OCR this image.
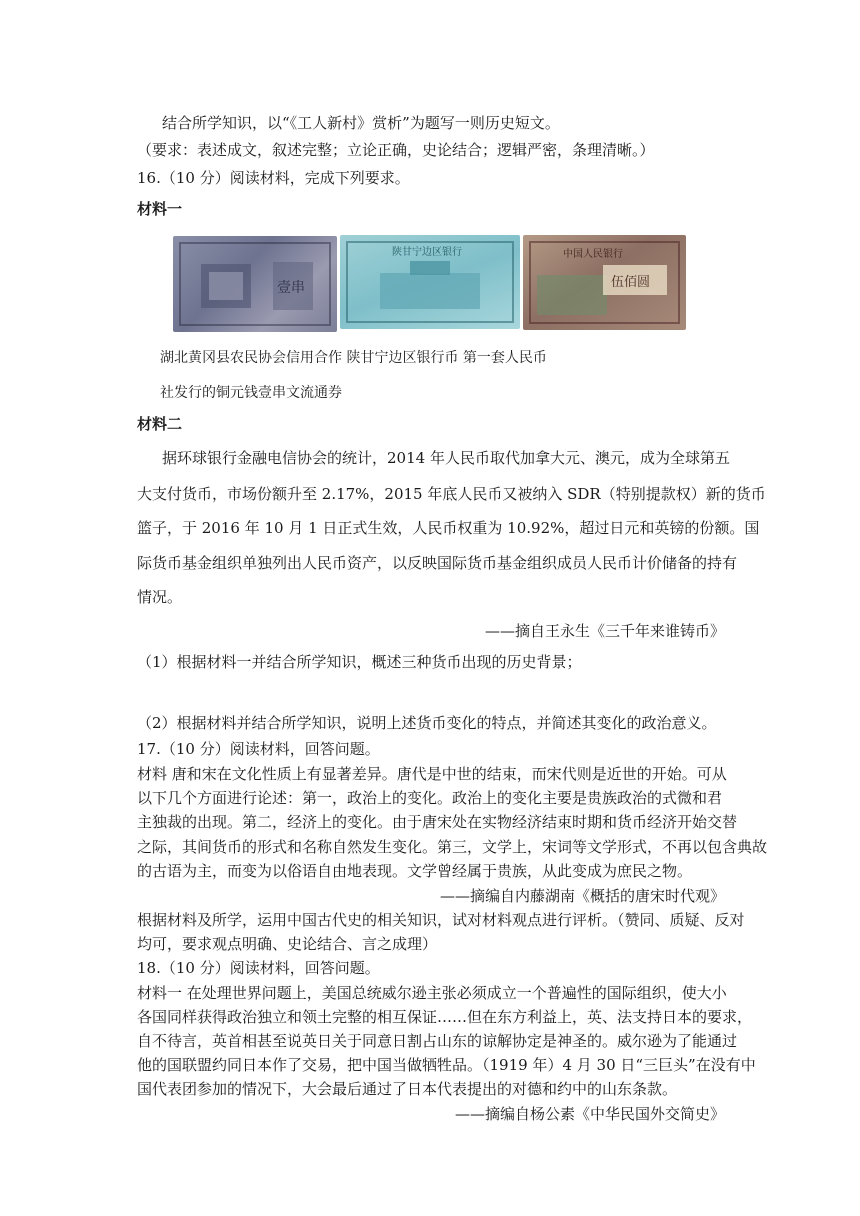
结合所学知识，以“《工人新村》赏析”为题写一则历史短文。
（要求：表述成文，叙述完整；立论正确，史论结合；逻辑严密，条理清晰。）
16.（10 分）阅读材料，完成下列要求。
材料一
壹串
陕甘宁边区银行
伍佰圆
中国人民银行
湖北黄冈县农民协会信用合作 陕甘宁边区银行币 第一套人民币
社发行的铜元钱壹串文流通券
材料二
据环球银行金融电信协会的统计，2014 年人民币取代加拿大元、澳元，成为全球第五
大支付货币，市场份额升至 2.17%，2015 年底人民币又被纳入 SDR（特别提款权）新的货币
篮子，于 2016 年 10 月 1 日正式生效，人民币权重为 10.92%，超过日元和英镑的份额。国
际货币基金组织单独列出人民币资产，以反映国际货币基金组织成员人民币计价储备的持有
情况。
——摘自王永生《三千年来谁铸币》
（1）根据材料一并结合所学知识，概述三种货币出现的历史背景；
（2）根据材料并结合所学知识，说明上述货币变化的特点，并简述其变化的政治意义。
17.（10 分）阅读材料，回答问题。
材料 唐和宋在文化性质上有显著差异。唐代是中世的结束，而宋代则是近世的开始。可从
以下几个方面进行论述：第一，政治上的变化。政治上的变化主要是贵族政治的式微和君
主独裁的出现。第二，经济上的变化。由于唐宋处在实物经济结束时期和货币经济开始交替
之际，其间货币的形式和名称自然发生变化。第三，文学上，宋词等文学形式，不再以包含典故
的古语为主，而变为以俗语自由地表现。文学曾经属于贵族，从此变成为庶民之物。
——摘编自内藤湖南《概括的唐宋时代观》
根据材料及所学，运用中国古代史的相关知识，试对材料观点进行评析。（赞同、质疑、反对
均可，要求观点明确、史论结合、言之成理）
18.（10 分）阅读材料，回答问题。
材料一 在处理世界问题上，美国总统威尔逊主张必须成立一个普遍性的国际组织，使大小
各国同样获得政治独立和领土完整的相互保证……但在东方利益上，英、法支持日本的要求，
自不待言，英首相甚至说英日关于同意日割占山东的谅解协定是神圣的。威尔逊为了能通过
他的国联盟约同日本作了交易，把中国当做牺牲品。（1919 年）4 月 30 日“三巨头”在没有中
国代表团参加的情况下，大会最后通过了日本代表提出的对德和约中的山东条款。
——摘编自杨公素《中华民国外交简史》
